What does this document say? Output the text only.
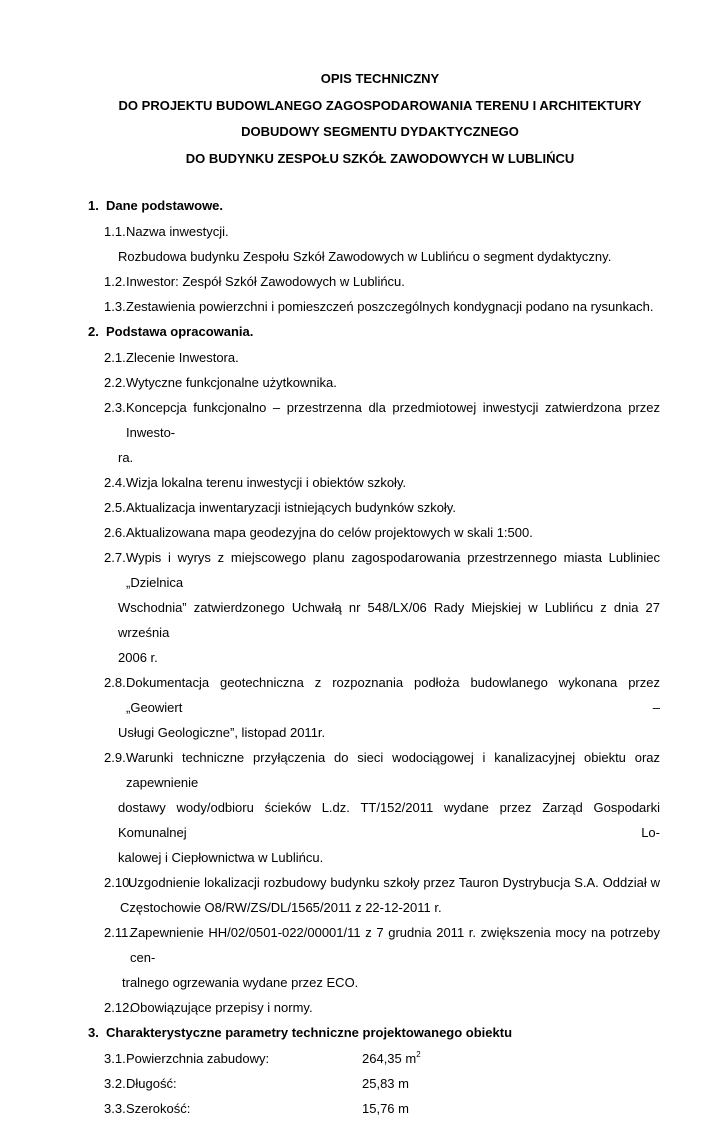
OPIS TECHNICZNY
DO PROJEKTU BUDOWLANEGO ZAGOSPODAROWANIA TERENU I ARCHITEKTURY
DOBUDOWY SEGMENTU DYDAKTYCZNEGO
DO BUDYNKU ZESPOŁU SZKÓŁ ZAWODOWYCH W LUBLIŃCU
1. Dane podstawowe.
1.1. Nazwa inwestycji.
Rozbudowa budynku Zespołu Szkół Zawodowych w Lublińcu o segment dydaktyczny.
1.2. Inwestor: Zespół Szkół Zawodowych w Lublińcu.
1.3. Zestawienia powierzchni i pomieszczeń poszczególnych kondygnacji podano na rysunkach.
2. Podstawa opracowania.
2.1. Zlecenie Inwestora.
2.2. Wytyczne funkcjonalne użytkownika.
2.3. Koncepcja funkcjonalno – przestrzenna dla przedmiotowej inwestycji zatwierdzona przez Inwesto-
ra.
2.4. Wizja lokalna terenu inwestycji i obiektów szkoły.
2.5. Aktualizacja inwentaryzacji istniejących budynków szkoły.
2.6. Aktualizowana mapa geodezyjna do celów projektowych w skali 1:500.
2.7. Wypis i wyrys z miejscowego planu zagospodarowania przestrzennego miasta Lubliniec „Dzielnica
Wschodnia” zatwierdzonego Uchwałą nr 548/LX/06 Rady Miejskiej w Lublińcu z dnia 27 września
2006 r.
2.8. Dokumentacja geotechniczna z rozpoznania podłoża budowlanego wykonana przez „Geowiert –
Usługi Geologiczne”, listopad 2011r.
2.9. Warunki techniczne przyłączenia do sieci wodociągowej i kanalizacyjnej obiektu oraz zapewnienie
dostawy wody/odbioru ścieków L.dz. TT/152/2011 wydane przez Zarząd Gospodarki Komunalnej Lo-
kalowej i Ciepłownictwa w Lublińcu.
2.10.
Uzgodnienie lokalizacji rozbudowy budynku szkoły przez Tauron Dystrybucja S.A. Oddział w
Częstochowie O8/RW/ZS/DL/1565/2011 z 22-12-2011 r.
2.11.
Zapewnienie HH/02/0501-022/00001/11 z 7 grudnia 2011 r. zwiększenia mocy na potrzeby cen-
tralnego ogrzewania wydane przez ECO.
2.12.
Obowiązujące przepisy i normy.
3. Charakterystyczne parametry techniczne projektowanego obiektu
3.1. Powierzchnia zabudowy:	264,35 $m^2$
3.2. Długość:	25,83 m
3.3. Szerokość:	15,76 m
